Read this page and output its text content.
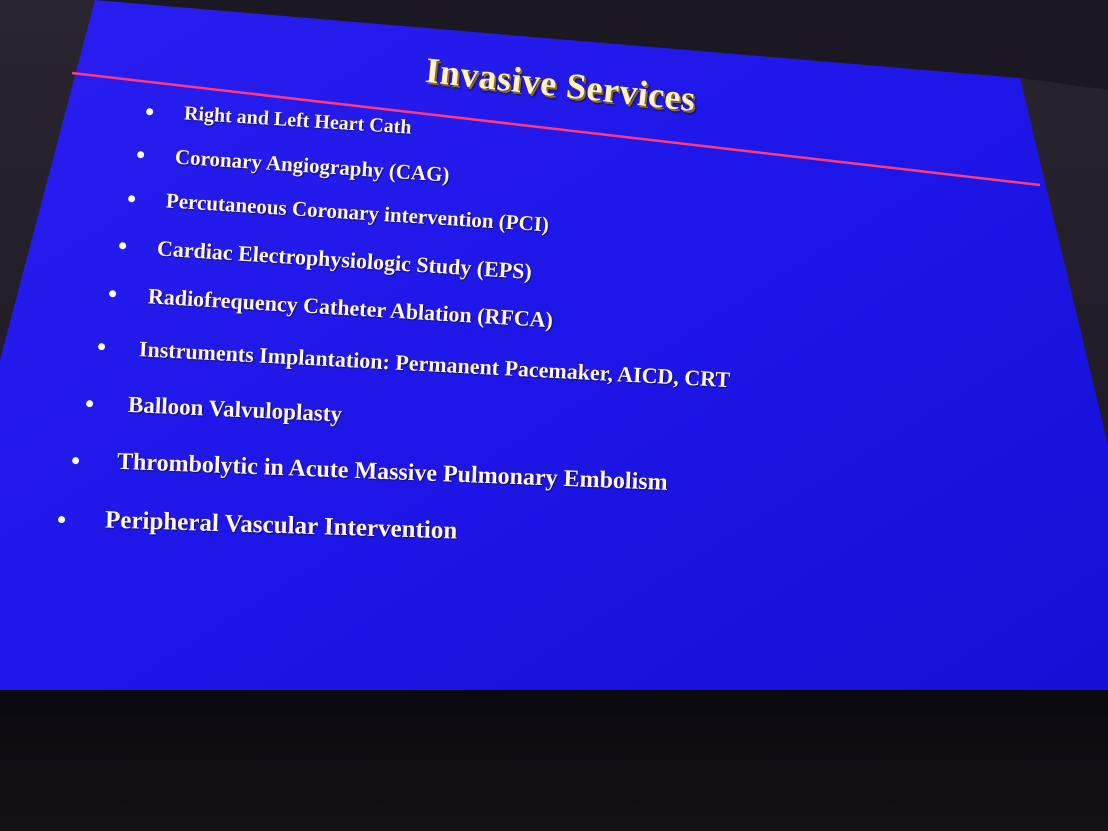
Invasive Services
Right and Left Heart Cath
Coronary Angiography (CAG)
Percutaneous Coronary intervention (PCI)
Cardiac Electrophysiologic Study (EPS)
Radiofrequency Catheter Ablation (RFCA)
Instruments Implantation: Permanent Pacemaker, AICD, CRT
Balloon Valvuloplasty
Thrombolytic in Acute Massive Pulmonary Embolism
Peripheral Vascular Intervention
